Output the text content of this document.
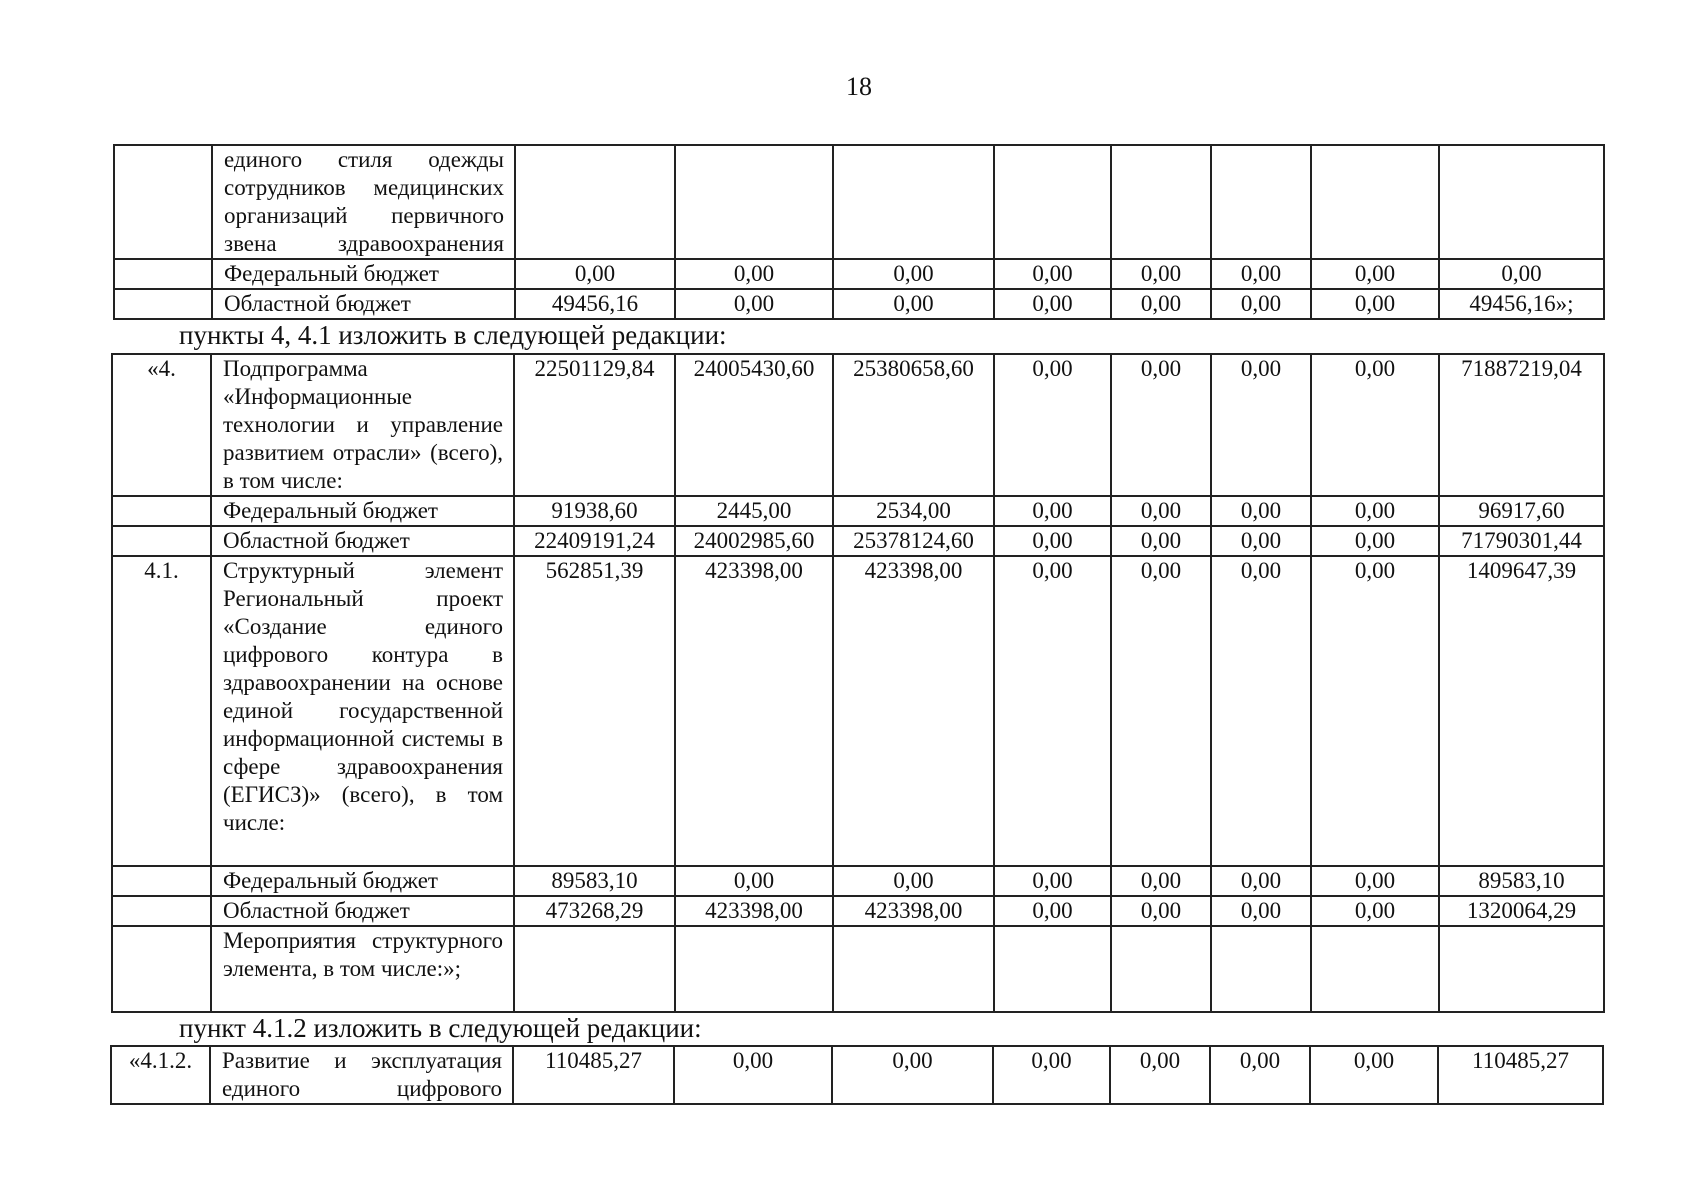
18
	единого стиля одежды сотрудников медицинских организаций первичного звена здравоохранения								
	Федеральный бюджет	0,00	0,00	0,00	0,00	0,00	0,00	0,00	0,00
	Областной бюджет	49456,16	0,00	0,00	0,00	0,00	0,00	0,00	49456,16»;
пункты 4, 4.1 изложить в следующей редакции:
«4.	Подпрограмма «Информационные технологии и управление развитием отрасли» (всего), в том числе:	22501129,84	24005430,60	25380658,60	0,00	0,00	0,00	0,00	71887219,04
	Федеральный бюджет	91938,60	2445,00	2534,00	0,00	0,00	0,00	0,00	96917,60
	Областной бюджет	22409191,24	24002985,60	25378124,60	0,00	0,00	0,00	0,00	71790301,44
4.1.	Структурный элемент Региональный проект «Создание единого цифрового контура в здравоохранении на основе единой государственной информационной системы в сфере здравоохранения (ЕГИСЗ)» (всего), в том числе:	562851,39	423398,00	423398,00	0,00	0,00	0,00	0,00	1409647,39
	Федеральный бюджет	89583,10	0,00	0,00	0,00	0,00	0,00	0,00	89583,10
	Областной бюджет	473268,29	423398,00	423398,00	0,00	0,00	0,00	0,00	1320064,29
	Мероприятия структурного элемента, в том числе:»;								
пункт 4.1.2 изложить в следующей редакции:
«4.1.2.	Развитие и эксплуатация единого цифрового	110485,27	0,00	0,00	0,00	0,00	0,00	0,00	110485,27
